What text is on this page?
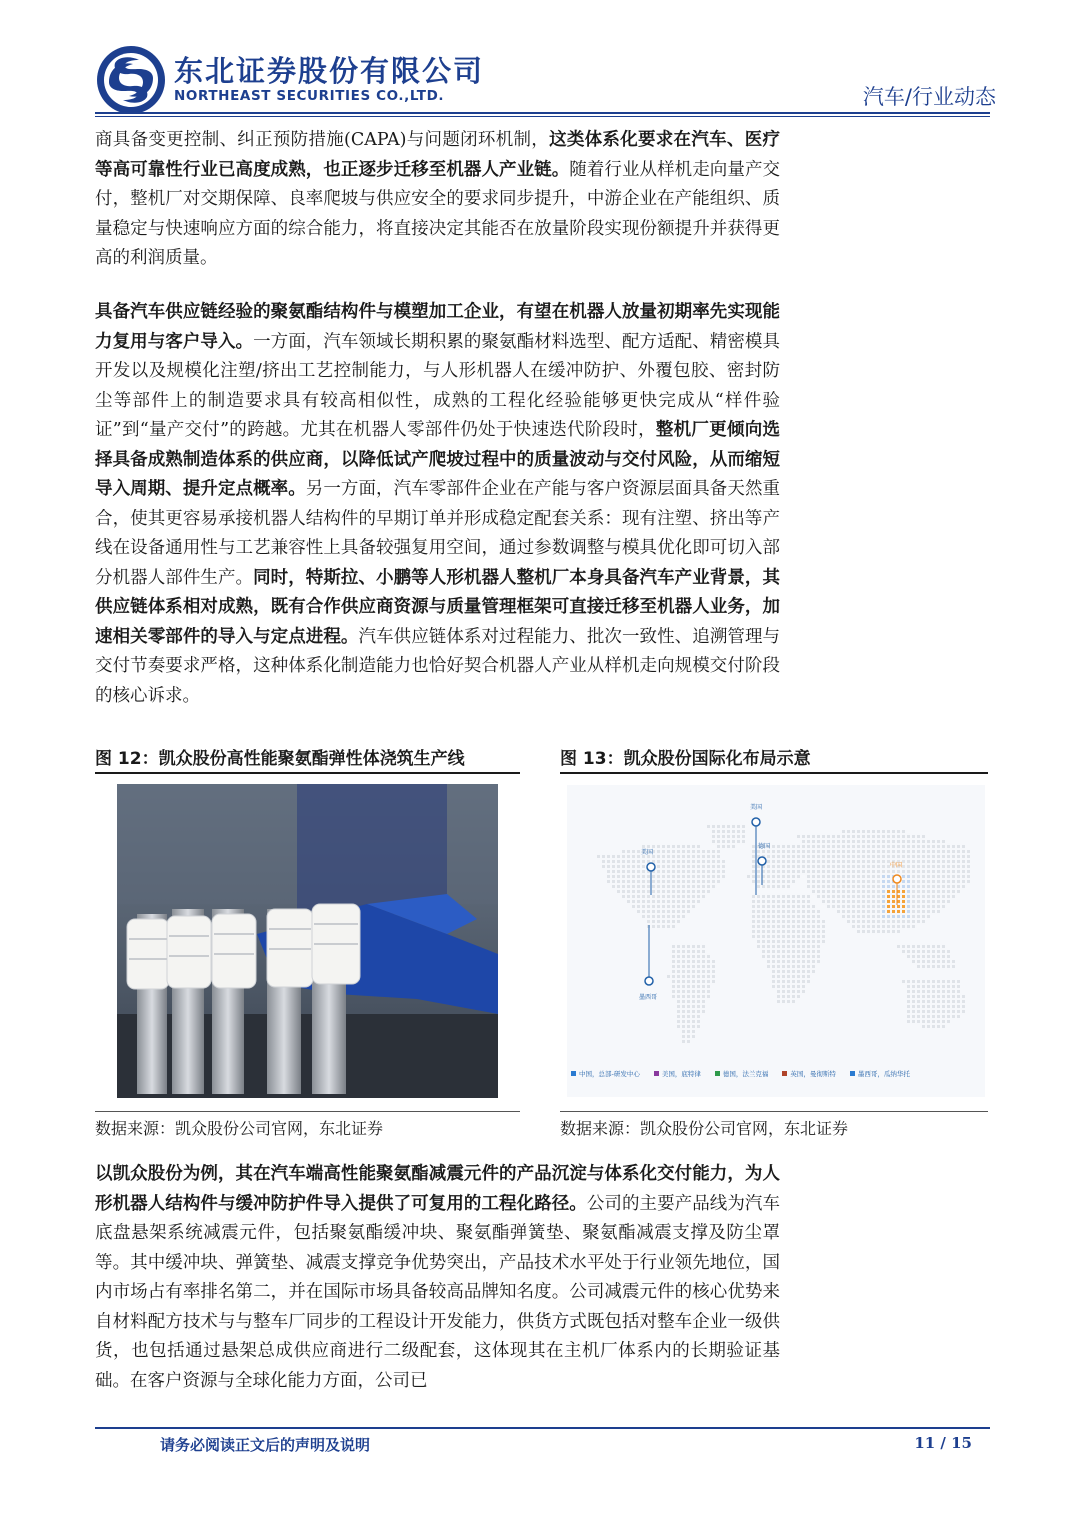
东北证券股份有限公司
NORTHEAST SECURITIES CO.,LTD.	汽车/行业动态

商具备变更控制、纠正预防措施(CAPA)与问题闭环机制，这类体系化要求在汽车、医疗等高可靠性行业已高度成熟，也正逐步迁移至机器人产业链。随着行业从样机走向量产交付，整机厂对交期保障、良率爬坡与供应安全的要求同步提升，中游企业在产能组织、质量稳定与快速响应方面的综合能力，将直接决定其能否在放量阶段实现份额提升并获得更高的利润质量。

具备汽车供应链经验的聚氨酯结构件与模塑加工企业，有望在机器人放量初期率先实现能力复用与客户导入。一方面，汽车领域长期积累的聚氨酯材料选型、配方适配、精密模具开发以及规模化注塑/挤出工艺控制能力，与人形机器人在缓冲防护、外覆包胶、密封防尘等部件上的制造要求具有较高相似性，成熟的工程化经验能够更快完成从“样件验证”到“量产交付”的跨越。尤其在机器人零部件仍处于快速迭代阶段时，整机厂更倾向选择具备成熟制造体系的供应商，以降低试产爬坡过程中的质量波动与交付风险，从而缩短导入周期、提升定点概率。另一方面，汽车零部件企业在产能与客户资源层面具备天然重合，使其更容易承接机器人结构件的早期订单并形成稳定配套关系：现有注塑、挤出等产线在设备通用性与工艺兼容性上具备较强复用空间，通过参数调整与模具优化即可切入部分机器人部件生产。同时，特斯拉、小鹏等人形机器人整机厂本身具备汽车产业背景，其供应链体系相对成熟，既有合作供应商资源与质量管理框架可直接迁移至机器人业务，加速相关零部件的导入与定点进程。汽车供应链体系对过程能力、批次一致性、追溯管理与交付节奏要求严格，这种体系化制造能力也恰好契合机器人产业从样机走向规模交付阶段的核心诉求。

图 12：凯众股份高性能聚氨酯弹性体浇筑生产线
数据来源：凯众股份公司官网，东北证券
图 13：凯众股份国际化布局示意
美国
美国
德国
中国
墨西哥
中国，总部-研发中心	美国，底特律	德国，法兰克福	英国，曼彻斯特	墨西哥，瓜纳华托
数据来源：凯众股份公司官网，东北证券

以凯众股份为例，其在汽车端高性能聚氨酯减震元件的产品沉淀与体系化交付能力，为人形机器人结构件与缓冲防护件导入提供了可复用的工程化路径。公司的主要产品线为汽车底盘悬架系统减震元件，包括聚氨酯缓冲块、聚氨酯弹簧垫、聚氨酯减震支撑及防尘罩等。其中缓冲块、弹簧垫、减震支撑竞争优势突出，产品技术水平处于行业领先地位，国内市场占有率排名第二，并在国际市场具备较高品牌知名度。公司减震元件的核心优势来自材料配方技术与与整车厂同步的工程设计开发能力，供货方式既包括对整车企业一级供货，也包括通过悬架总成供应商进行二级配套，这体现其在主机厂体系内的长期验证基础。在客户资源与全球化能力方面，公司已

请务必阅读正文后的声明及说明	11 / 15
